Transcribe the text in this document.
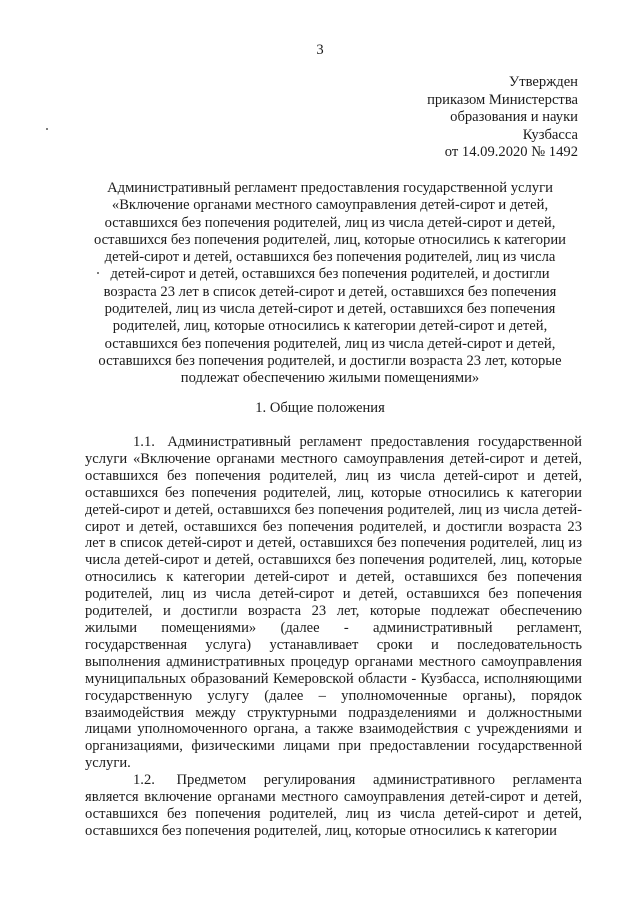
3
Утвержден
приказом Министерства
образования и науки
Кузбасса
от 14.09.2020 № 1492
Административный регламент предоставления государственной услуги «Включение органами местного самоуправления детей-сирот и детей, оставшихся без попечения родителей, лиц из числа детей-сирот и детей, оставшихся без попечения родителей, лиц, которые относились к категории детей-сирот и детей, оставшихся без попечения родителей, лиц из числа детей-сирот и детей, оставшихся без попечения родителей, и достигли возраста 23 лет в список детей-сирот и детей, оставшихся без попечения родителей, лиц из числа детей-сирот и детей, оставшихся без попечения родителей, лиц, которые относились к категории детей-сирот и детей, оставшихся без попечения родителей, лиц из числа детей-сирот и детей, оставшихся без попечения родителей, и достигли возраста 23 лет, которые подлежат обеспечению жилыми помещениями»
1. Общие положения

1.1. Административный регламент предоставления государственной услуги «Включение органами местного самоуправления детей-сирот и детей, оставшихся без попечения родителей, лиц из числа детей-сирот и детей, оставшихся без попечения родителей, лиц, которые относились к категории детей-сирот и детей, оставшихся без попечения родителей, лиц из числа детей-сирот и детей, оставшихся без попечения родителей, и достигли возраста 23 лет в список детей-сирот и детей, оставшихся без попечения родителей, лиц из числа детей-сирот и детей, оставшихся без попечения родителей, лиц, которые относились к категории детей-сирот и детей, оставшихся без попечения родителей, лиц из числа детей-сирот и детей, оставшихся без попечения родителей, и достигли возраста 23 лет, которые подлежат обеспечению жилыми помещениями» (далее - административный регламент, государственная услуга) устанавливает сроки и последовательность выполнения административных процедур органами местного самоуправления муниципальных образований Кемеровской области - Кузбасса, исполняющими государственную услугу (далее – уполномоченные органы), порядок взаимодействия между структурными подразделениями и должностными лицами уполномоченного органа, а также взаимодействия с учреждениями и организациями, физическими лицами при предоставлении государственной услуги.

1.2. Предметом регулирования административного регламента является включение органами местного самоуправления детей-сирот и детей, оставшихся без попечения родителей, лиц из числа детей-сирот и детей, оставшихся без попечения родителей, лиц, которые относились к категории
